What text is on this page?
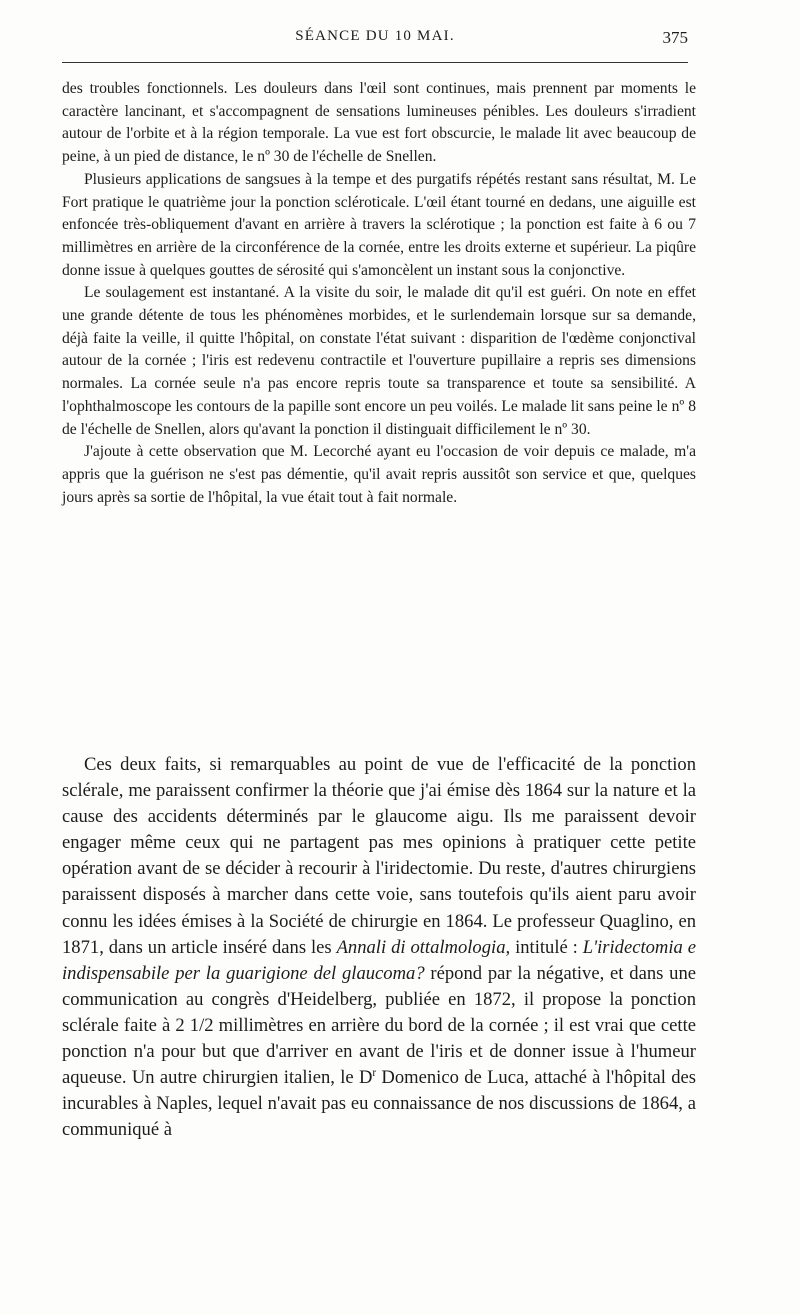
SÉANCE DU 10 MAI.	375

des troubles fonctionnels. Les douleurs dans l'œil sont continues, mais prennent par moments le caractère lancinant, et s'accompagnent de sensations lumineuses pénibles. Les douleurs s'irradient autour de l'orbite et à la région temporale. La vue est fort obscurcie, le malade lit avec beaucoup de peine, à un pied de distance, le nº 30 de l'échelle de Snellen.

Plusieurs applications de sangsues à la tempe et des purgatifs répétés restant sans résultat, M. Le Fort pratique le quatrième jour la ponction scléroticale. L'œil étant tourné en dedans, une aiguille est enfoncée très-obliquement d'avant en arrière à travers la sclérotique ; la ponction est faite à 6 ou 7 millimètres en arrière de la circonférence de la cornée, entre les droits externe et supérieur. La piqûre donne issue à quelques gouttes de sérosité qui s'amoncèlent un instant sous la conjonctive.

Le soulagement est instantané. A la visite du soir, le malade dit qu'il est guéri. On note en effet une grande détente de tous les phénomènes morbides, et le surlendemain lorsque sur sa demande, déjà faite la veille, il quitte l'hôpital, on constate l'état suivant : disparition de l'œdème conjonctival autour de la cornée ; l'iris est redevenu contractile et l'ouverture pupillaire a repris ses dimensions normales. La cornée seule n'a pas encore repris toute sa transparence et toute sa sensibilité. A l'ophthalmoscope les contours de la papille sont encore un peu voilés. Le malade lit sans peine le nº 8 de l'échelle de Snellen, alors qu'avant la ponction il distinguait difficilement le nº 30.

J'ajoute à cette observation que M. Lecorché ayant eu l'occasion de voir depuis ce malade, m'a appris que la guérison ne s'est pas démentie, qu'il avait repris aussitôt son service et que, quelques jours après sa sortie de l'hôpital, la vue était tout à fait normale.

Ces deux faits, si remarquables au point de vue de l'efficacité de la ponction sclérale, me paraissent confirmer la théorie que j'ai émise dès 1864 sur la nature et la cause des accidents déterminés par le glaucome aigu. Ils me paraissent devoir engager même ceux qui ne partagent pas mes opinions à pratiquer cette petite opération avant de se décider à recourir à l'iridectomie. Du reste, d'autres chirurgiens paraissent disposés à marcher dans cette voie, sans toutefois qu'ils aient paru avoir connu les idées émises à la Société de chirurgie en 1864. Le professeur Quaglino, en 1871, dans un article inséré dans les Annali di ottalmologia, intitulé : L'iridectomia e indispensabile per la guarigione del glaucoma? répond par la négative, et dans une communication au congrès d'Heidelberg, publiée en 1872, il propose la ponction sclérale faite à 2 1/2 millimètres en arrière du bord de la cornée ; il est vrai que cette ponction n'a pour but que d'arriver en avant de l'iris et de donner issue à l'humeur aqueuse. Un autre chirurgien italien, le $D^r$ Domenico de Luca, attaché à l'hôpital des incurables à Naples, lequel n'avait pas eu connaissance de nos discussions de 1864, a communiqué à
